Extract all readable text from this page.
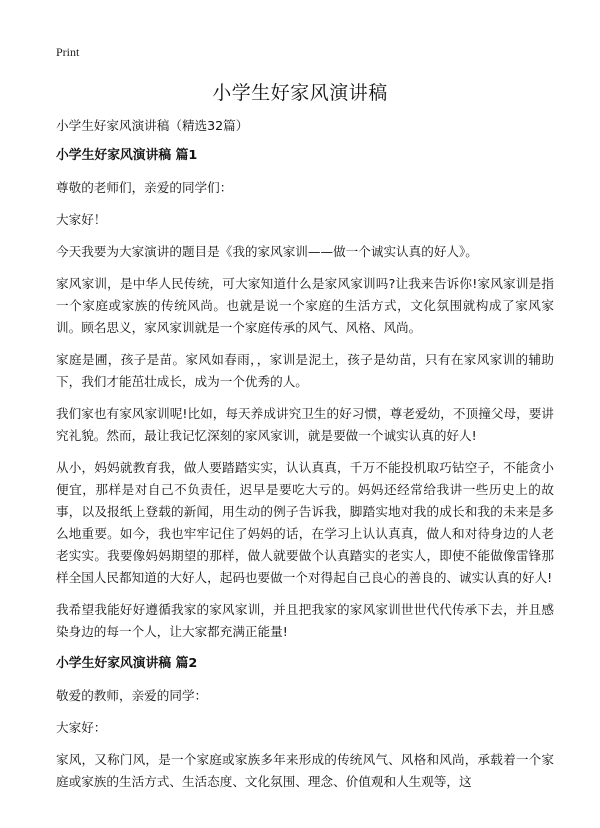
Print
小学生好家风演讲稿

小学生好家风演讲稿（精选32篇）

小学生好家风演讲稿 篇1

尊敬的老师们，亲爱的同学们：

大家好！

今天我要为大家演讲的题目是《我的家风家训——做一个诚实认真的好人》。

家风家训，是中华人民传统，可大家知道什么是家风家训吗?让我来告诉你!家风家训是指一个家庭或家族的传统风尚。也就是说一个家庭的生活方式，文化氛围就构成了家风家训。顾名思义，家风家训就是一个家庭传承的风气、风格、风尚。

家庭是圃，孩子是苗。家风如春雨，，家训是泥土，孩子是幼苗，只有在家风家训的辅助下，我们才能茁壮成长，成为一个优秀的人。

我们家也有家风家训呢!比如，每天养成讲究卫生的好习惯，尊老爱幼，不顶撞父母，要讲究礼貌。然而，最让我记忆深刻的家风家训，就是要做一个诚实认真的好人!

从小，妈妈就教育我，做人要踏踏实实，认认真真，千万不能投机取巧钻空子，不能贪小便宜，那样是对自己不负责任，迟早是要吃大亏的。妈妈还经常给我讲一些历史上的故事，以及报纸上登载的新闻，用生动的例子告诉我，脚踏实地对我的成长和我的未来是多么地重要。如今，我也牢牢记住了妈妈的话，在学习上认认真真，做人和对待身边的人老老实实。我要像妈妈期望的那样，做人就要做个认真踏实的老实人，即使不能做像雷锋那样全国人民都知道的大好人，起码也要做一个对得起自己良心的善良的、诚实认真的好人!

我希望我能好好遵循我家的家风家训，并且把我家的家风家训世世代代传承下去，并且感染身边的每一个人，让大家都充满正能量!

小学生好家风演讲稿 篇2

敬爱的教师，亲爱的同学：

大家好：

家风，又称门风，是一个家庭或家族多年来形成的传统风气、风格和风尚，承载着一个家庭或家族的生活方式、生活态度、文化氛围、理念、价值观和人生观等，这
